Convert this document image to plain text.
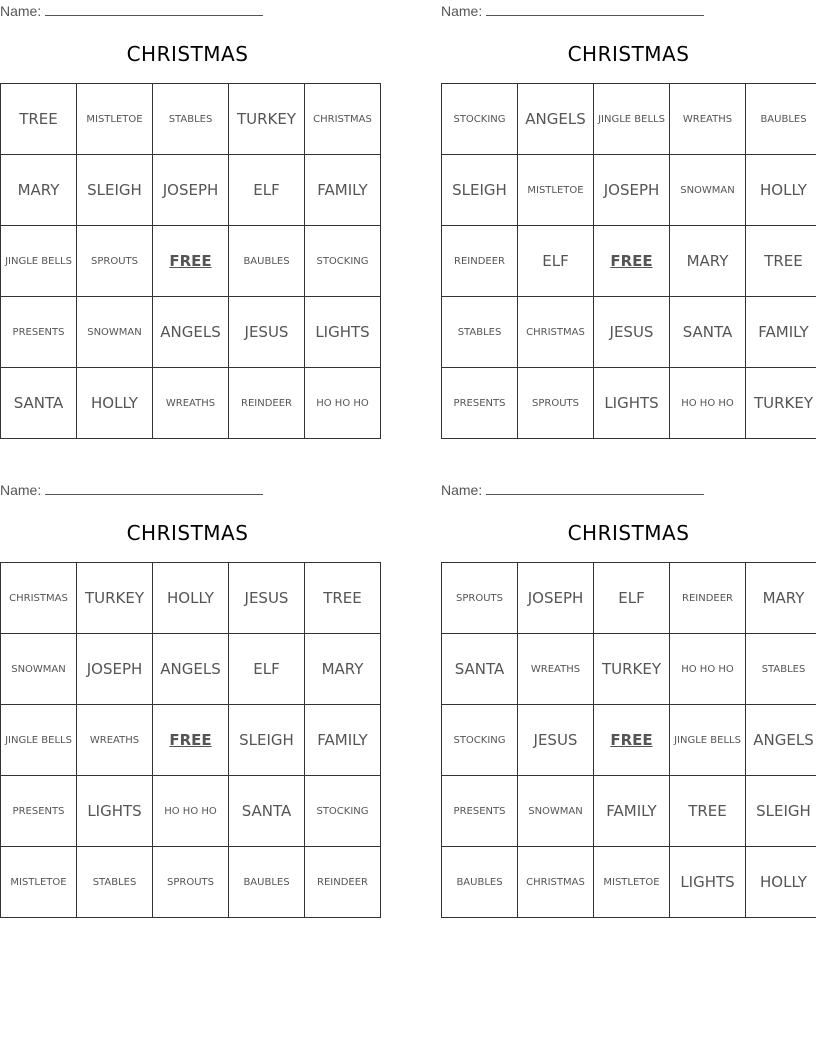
Name:
CHRISTMAS
TREE	MISTLETOE	STABLES	TURKEY	CHRISTMAS
MARY	SLEIGH	JOSEPH	ELF	FAMILY
JINGLE BELLS	SPROUTS	FREE	BAUBLES	STOCKING
PRESENTS	SNOWMAN	ANGELS	JESUS	LIGHTS
SANTA	HOLLY	WREATHS	REINDEER	HO HO HO
Name:
CHRISTMAS
STOCKING	ANGELS	JINGLE BELLS	WREATHS	BAUBLES
SLEIGH	MISTLETOE	JOSEPH	SNOWMAN	HOLLY
REINDEER	ELF	FREE	MARY	TREE
STABLES	CHRISTMAS	JESUS	SANTA	FAMILY
PRESENTS	SPROUTS	LIGHTS	HO HO HO	TURKEY
Name:
CHRISTMAS
CHRISTMAS	TURKEY	HOLLY	JESUS	TREE
SNOWMAN	JOSEPH	ANGELS	ELF	MARY
JINGLE BELLS	WREATHS	FREE	SLEIGH	FAMILY
PRESENTS	LIGHTS	HO HO HO	SANTA	STOCKING
MISTLETOE	STABLES	SPROUTS	BAUBLES	REINDEER
Name:
CHRISTMAS
SPROUTS	JOSEPH	ELF	REINDEER	MARY
SANTA	WREATHS	TURKEY	HO HO HO	STABLES
STOCKING	JESUS	FREE	JINGLE BELLS	ANGELS
PRESENTS	SNOWMAN	FAMILY	TREE	SLEIGH
BAUBLES	CHRISTMAS	MISTLETOE	LIGHTS	HOLLY
